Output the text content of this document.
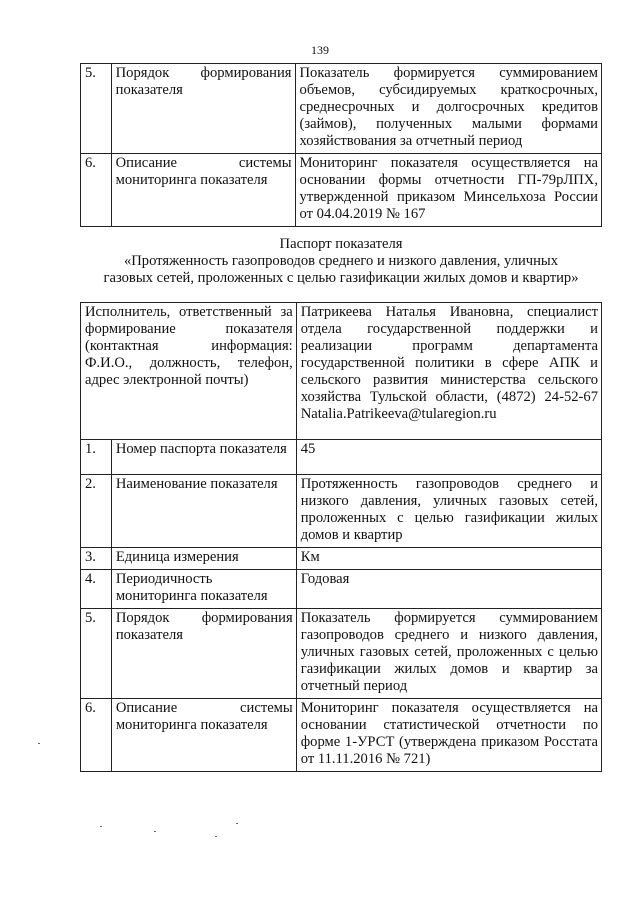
139
5.	Порядок формирования показателя	Показатель формируется суммированием объемов, субсидируемых краткосрочных, среднесрочных и долгосрочных кредитов (займов), полученных малыми формами хозяйствования за отчетный период
6.	Описание системы мониторинга показателя	Мониторинг показателя осуществляется на основании формы отчетности ГП-79рЛПХ, утвержденной приказом Минсельхоза России от 04.04.2019 № 167
Паспорт показателя
«Протяженность газопроводов среднего и низкого давления, уличных
газовых сетей, проложенных с целью газификации жилых домов и квартир»
Исполнитель, ответственный за формирование показателя (контактная информация: Ф.И.О., должность, телефон, адрес электронной почты)		Патрикеева Наталья Ивановна, специалист отдела государственной поддержки и реализации программ департамента государственной политики в сфере АПК и сельского развития министерства сельского хозяйства Тульской области, (4872) 24-52-67 Natalia.Patrikeeva@tularegion.ru
1.	Номер паспорта показателя	45
2.	Наименование показателя	Протяженность газопроводов среднего и низкого давления, уличных газовых сетей, проложенных с целью газификации жилых домов и квартир
3.	Единица измерения	Км
4.	Периодичность мониторинга показателя	Годовая
5.	Порядок формирования показателя	Показатель формируется суммированием газопроводов среднего и низкого давления, уличных газовых сетей, проложенных с целью газификации жилых домов и квартир за отчетный период
6.	Описание системы мониторинга показателя	Мониторинг показателя осуществляется на основании статистической отчетности по форме 1-УРСТ (утверждена приказом Росстата от 11.11.2016 № 721)
